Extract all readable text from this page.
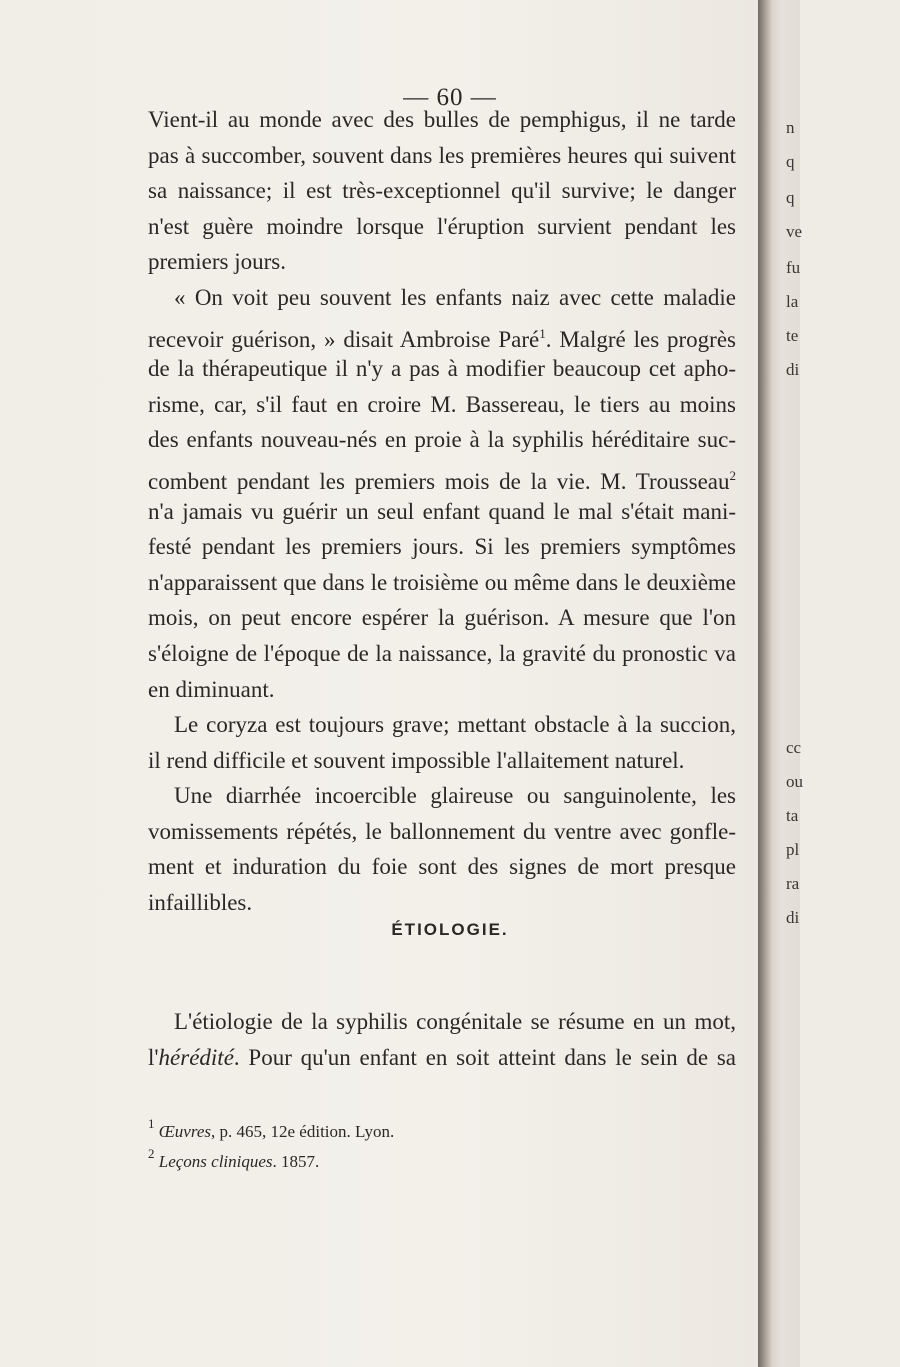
— 60 —
Vient-il au monde avec des bulles de pemphigus, il ne tarde
pas à succomber, souvent dans les premières heures qui suivent
sa naissance; il est très-exceptionnel qu'il survive; le danger
n'est guère moindre lorsque l'éruption survient pendant les
premiers jours.
« On voit peu souvent les enfants naiz avec cette maladie
recevoir guérison, » disait Ambroise Paré$^1$. Malgré les progrès
de la thérapeutique il n'y a pas à modifier beaucoup cet apho-
risme, car, s'il faut en croire M. Bassereau, le tiers au moins
des enfants nouveau-nés en proie à la syphilis héréditaire suc-
combent pendant les premiers mois de la vie. M. Trousseau$^2$
n'a jamais vu guérir un seul enfant quand le mal s'était mani-
festé pendant les premiers jours. Si les premiers symptômes
n'apparaissent que dans le troisième ou même dans le deuxième
mois, on peut encore espérer la guérison. A mesure que l'on
s'éloigne de l'époque de la naissance, la gravité du pronostic va
en diminuant.
Le coryza est toujours grave; mettant obstacle à la succion,
il rend difficile et souvent impossible l'allaitement naturel.
Une diarrhée incoercible glaireuse ou sanguinolente, les
vomissements répétés, le ballonnement du ventre avec gonfle-
ment et induration du foie sont des signes de mort presque
infaillibles.
ÉTIOLOGIE.
L'étiologie de la syphilis congénitale se résume en un mot,
l'hérédité. Pour qu'un enfant en soit atteint dans le sein de sa
$^1$ Œuvres, p. 465, 12e édition. Lyon.
$^2$ Leçons cliniques. 1857.
n
q
q
ve
fu
la
te
di
cc
ou
ta
pl
ra
di
